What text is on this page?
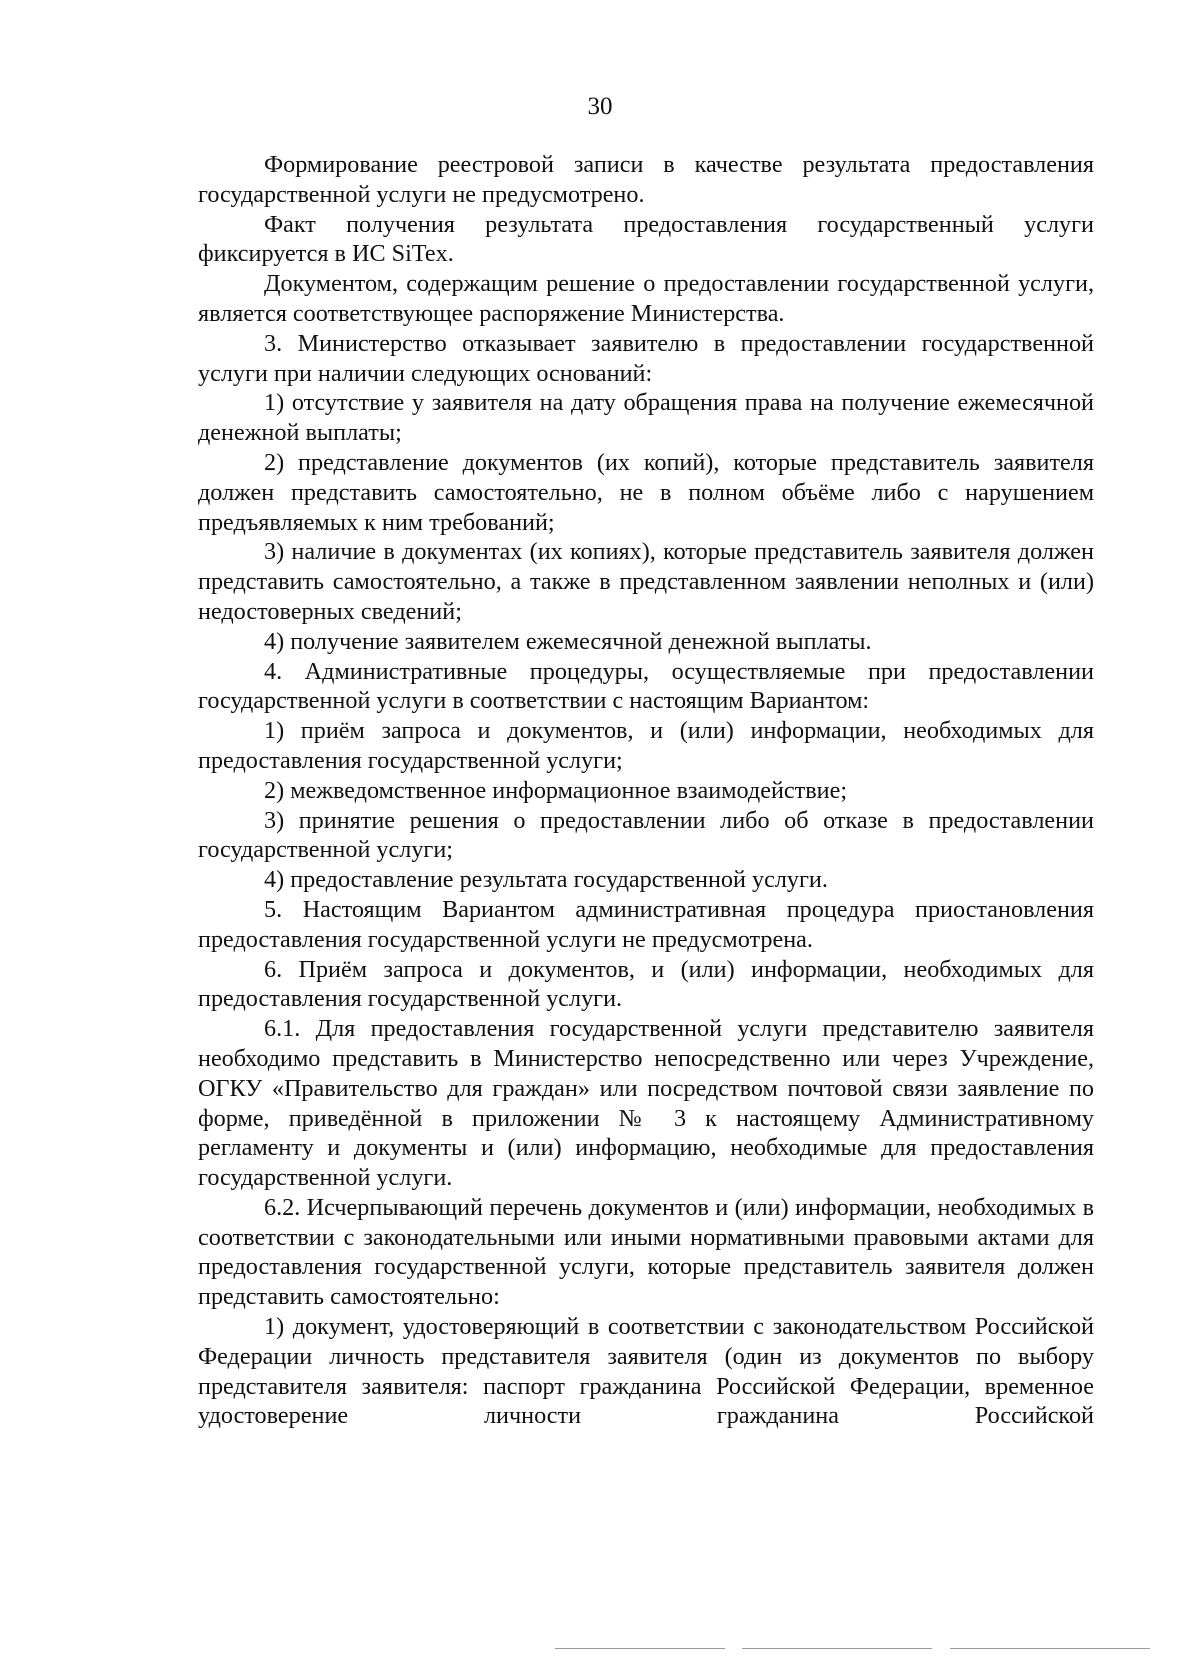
30

Формирование реестровой записи в качестве результата предоставления государственной услуги не предусмотрено.

Факт получения результата предоставления государственный услуги фиксируется в ИС SiTex.

Документом, содержащим решение о предоставлении государственной услуги, является соответствующее распоряжение Министерства.

3. Министерство отказывает заявителю в предоставлении государственной услуги при наличии следующих оснований:

1) отсутствие у заявителя на дату обращения права на получение ежемесячной денежной выплаты;

2) представление документов (их копий), которые представитель заявителя должен представить самостоятельно, не в полном объёме либо с нарушением предъявляемых к ним требований;

3) наличие в документах (их копиях), которые представитель заявителя должен представить самостоятельно, а также в представленном заявлении неполных и (или) недостоверных сведений;

4) получение заявителем ежемесячной денежной выплаты.

4. Административные процедуры, осуществляемые при предоставлении государственной услуги в соответствии с настоящим Вариантом:

1) приём запроса и документов, и (или) информации, необходимых для предоставления государственной услуги;

2) межведомственное информационное взаимодействие;

3) принятие решения о предоставлении либо об отказе в предоставлении государственной услуги;

4) предоставление результата государственной услуги.

5. Настоящим Вариантом административная процедура приостановления предоставления государственной услуги не предусмотрена.

6. Приём запроса и документов, и (или) информации, необходимых для предоставления государственной услуги.

6.1. Для предоставления государственной услуги представителю заявителя необходимо представить в Министерство непосредственно или через Учреждение, ОГКУ «Правительство для граждан» или посредством почтовой связи заявление по форме, приведённой в приложении № 3 к настоящему Административному регламенту и документы и (или) информацию, необходимые для предоставления государственной услуги.

6.2. Исчерпывающий перечень документов и (или) информации, необходимых в соответствии с законодательными или иными нормативными правовыми актами для предоставления государственной услуги, которые представитель заявителя должен представить самостоятельно:

1) документ, удостоверяющий в соответствии с законодательством Российской Федерации личность представителя заявителя (один из документов по выбору представителя заявителя: паспорт гражданина Российской Федерации, временное удостоверение личности гражданина Российской
